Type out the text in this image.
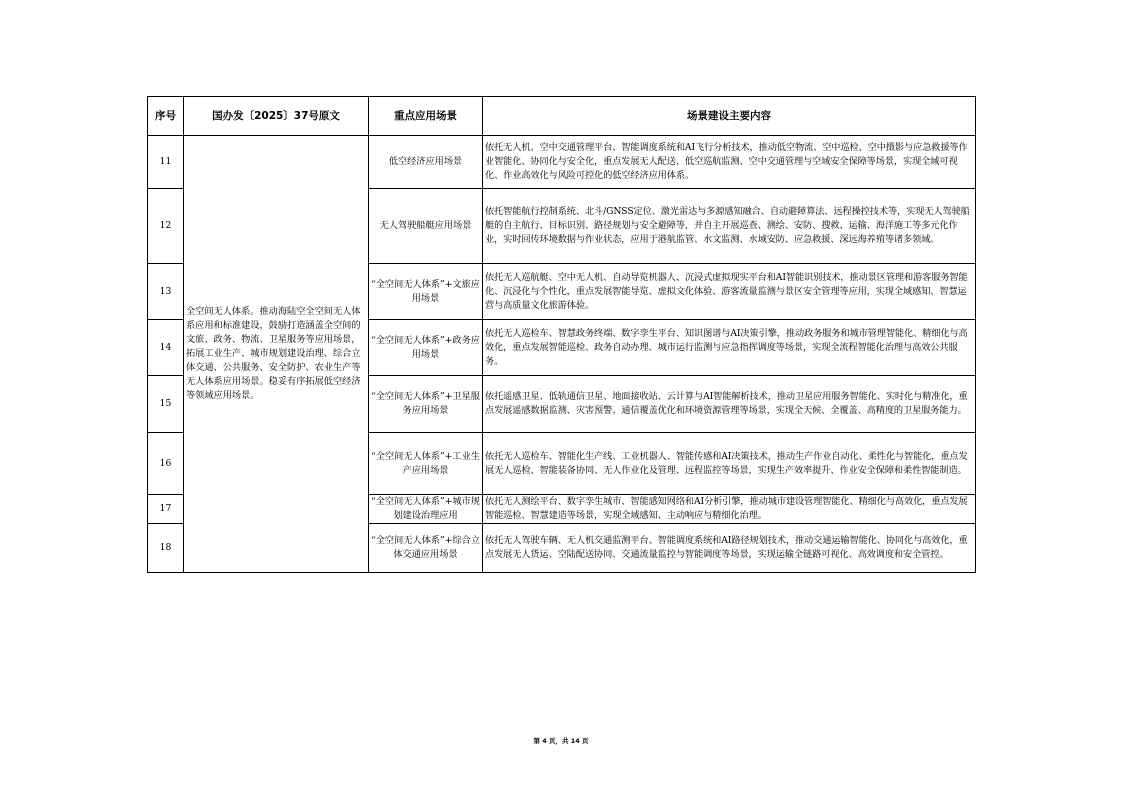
序号	国办发〔2025〕37号原文	重点应用场景	场景建设主要内容
11	全空间无人体系。推动海陆空全空间无人体系应用和标准建设，鼓励打造涵盖全空间的文旅、政务、物流、卫星服务等应用场景，拓展工业生产、城市规划建设治理、综合立体交通、公共服务、安全防护、农业生产等无人体系应用场景。稳妥有序拓展低空经济等领域应用场景。	低空经济应用场景	依托无人机、空中交通管理平台、智能调度系统和AI飞行分析技术，推动低空物流、空中巡检、空中摄影与应急救援等作业智能化、协同化与安全化，重点发展无人配送、低空巡航监测、空中交通管理与空域安全保障等场景，实现全域可视化、作业高效化与风险可控化的低空经济应用体系。
12		无人驾驶船艇应用场景	依托智能航行控制系统、北斗/GNSS定位、激光雷达与多源感知融合、自动避障算法、远程操控技术等，实现无人驾驶船艇的自主航行、目标识别、路径规划与安全避障等，并自主开展巡查、测绘、安防、搜救、运输、海洋施工等多元化作业，实时回传环境数据与作业状态，应用于港航监管、水文监测、水域安防、应急救援、深远海养殖等诸多领域。
13		“全空间无人体系”+文旅应用场景	依托无人巡航艇、空中无人机、自动导览机器人、沉浸式虚拟现实平台和AI智能识别技术，推动景区管理和游客服务智能化、沉浸化与个性化，重点发展智能导览、虚拟文化体验、游客流量监测与景区安全管理等应用，实现全域感知、智慧运营与高质量文化旅游体验。
14		“全空间无人体系”+政务应用场景	依托无人巡检车、智慧政务终端、数字孪生平台、知识图谱与AI决策引擎，推动政务服务和城市管理智能化、精细化与高效化，重点发展智能巡检、政务自动办理、城市运行监测与应急指挥调度等场景，实现全流程智能化治理与高效公共服务。
15		“全空间无人体系”+卫星服务应用场景	依托遥感卫星、低轨通信卫星、地面接收站、云计算与AI智能解析技术，推动卫星应用服务智能化、实时化与精准化，重点发展遥感数据监测、灾害预警、通信覆盖优化和环境资源管理等场景，实现全天候、全覆盖、高精度的卫星服务能力。
16		“全空间无人体系”+工业生产应用场景	依托无人巡检车、智能化生产线、工业机器人、智能传感和AI决策技术，推动生产作业自动化、柔性化与智能化，重点发展无人巡检、智能装备协同、无人作业化及管理、远程监控等场景，实现生产效率提升、作业安全保障和柔性智能制造。
17		“全空间无人体系”+城市规划建设治理应用	依托无人测绘平台、数字孪生城市、智能感知网络和AI分析引擎，推动城市建设管理智能化、精细化与高效化，重点发展智能巡检、智慧建造等场景，实现全域感知、主动响应与精细化治理。
18		“全空间无人体系”+综合立体交通应用场景	依托无人驾驶车辆、无人机交通监测平台、智能调度系统和AI路径规划技术，推动交通运输智能化、协同化与高效化，重点发展无人货运、空陆配送协同、交通流量监控与智能调度等场景，实现运输全链路可视化、高效调度和安全管控。
第 4 页，共 14 页
